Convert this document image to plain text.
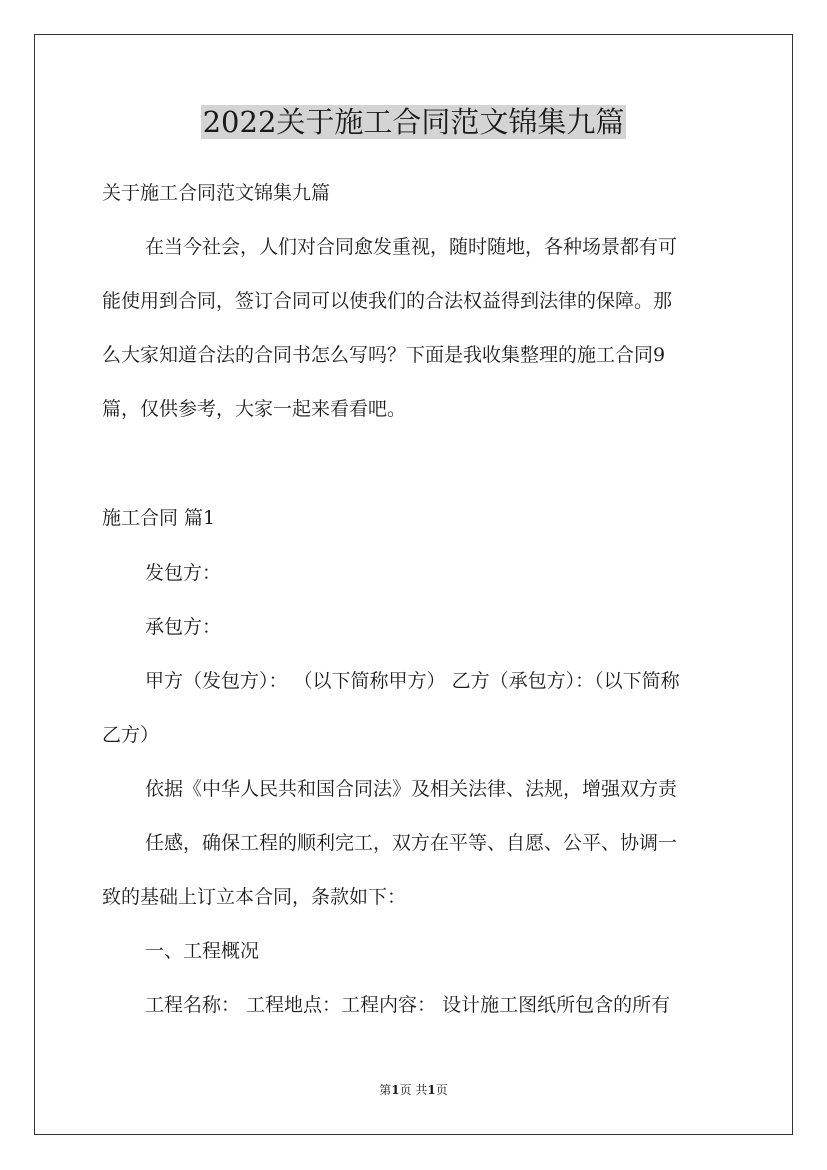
2022关于施工合同范文锦集九篇

关于施工合同范文锦集九篇

在当今社会，人们对合同愈发重视，随时随地，各种场景都有可

能使用到合同，签订合同可以使我们的合法权益得到法律的保障。那

么大家知道合法的合同书怎么写吗？下面是我收集整理的施工合同9

篇，仅供参考，大家一起来看看吧。

施工合同 篇1

发包方：

承包方：

甲方（发包方）： （以下简称甲方） 乙方（承包方）：（以下简称

乙方）

依据《中华人民共和国合同法》及相关法律、法规，增强双方责

任感，确保工程的顺利完工，双方在平等、自愿、公平、协调一

致的基础上订立本合同，条款如下：

一、工程概况

工程名称： 工程地点：工程内容： 设计施工图纸所包含的所有

第1页 共1页
